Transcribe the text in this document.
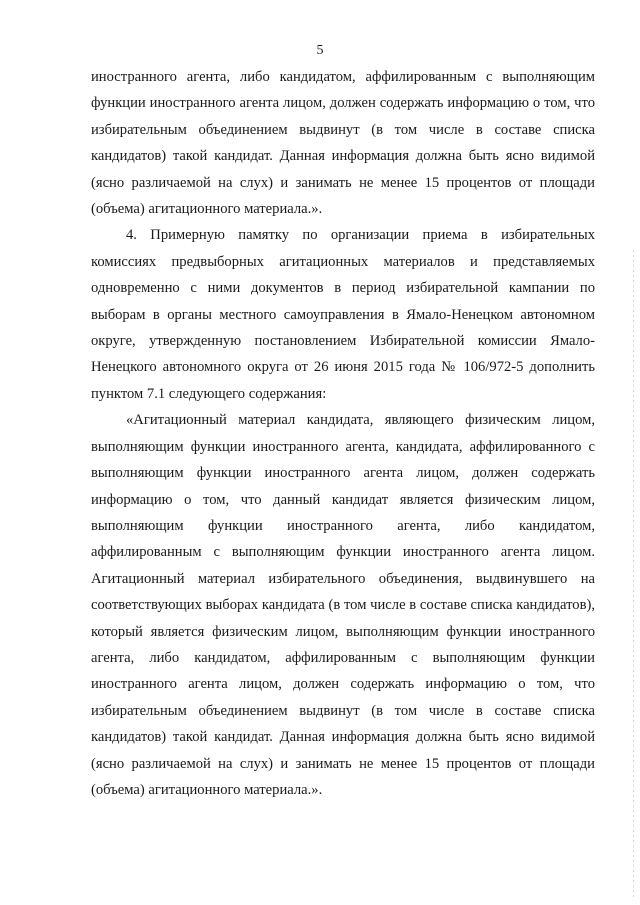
5

иностранного агента, либо кандидатом, аффилированным с выполняющим функции иностранного агента лицом, должен содержать информацию о том, что избирательным объединением выдвинут (в том числе в составе списка кандидатов) такой кандидат. Данная информация должна быть ясно видимой (ясно различаемой на слух) и занимать не менее 15 процентов от площади (объема) агитационного материала.».

4. Примерную памятку по организации приема в избирательных комиссиях предвыборных агитационных материалов и представляемых одновременно с ними документов в период избирательной кампании по выборам в органы местного самоуправления в Ямало-Ненецком автономном округе, утвержденную постановлением Избирательной комиссии Ямало-Ненецкого автономного округа от 26 июня 2015 года № 106/972-5 дополнить пунктом 7.1 следующего содержания:

«Агитационный материал кандидата, являющего физическим лицом, выполняющим функции иностранного агента, кандидата, аффилированного с выполняющим функции иностранного агента лицом, должен содержать информацию о том, что данный кандидат является физическим лицом, выполняющим функции иностранного агента, либо кандидатом, аффилированным с выполняющим функции иностранного агента лицом. Агитационный материал избирательного объединения, выдвинувшего на соответствующих выборах кандидата (в том числе в составе списка кандидатов), который является физическим лицом, выполняющим функции иностранного агента, либо кандидатом, аффилированным с выполняющим функции иностранного агента лицом, должен содержать информацию о том, что избирательным объединением выдвинут (в том числе в составе списка кандидатов) такой кандидат. Данная информация должна быть ясно видимой (ясно различаемой на слух) и занимать не менее 15 процентов от площади (объема) агитационного материала.».
